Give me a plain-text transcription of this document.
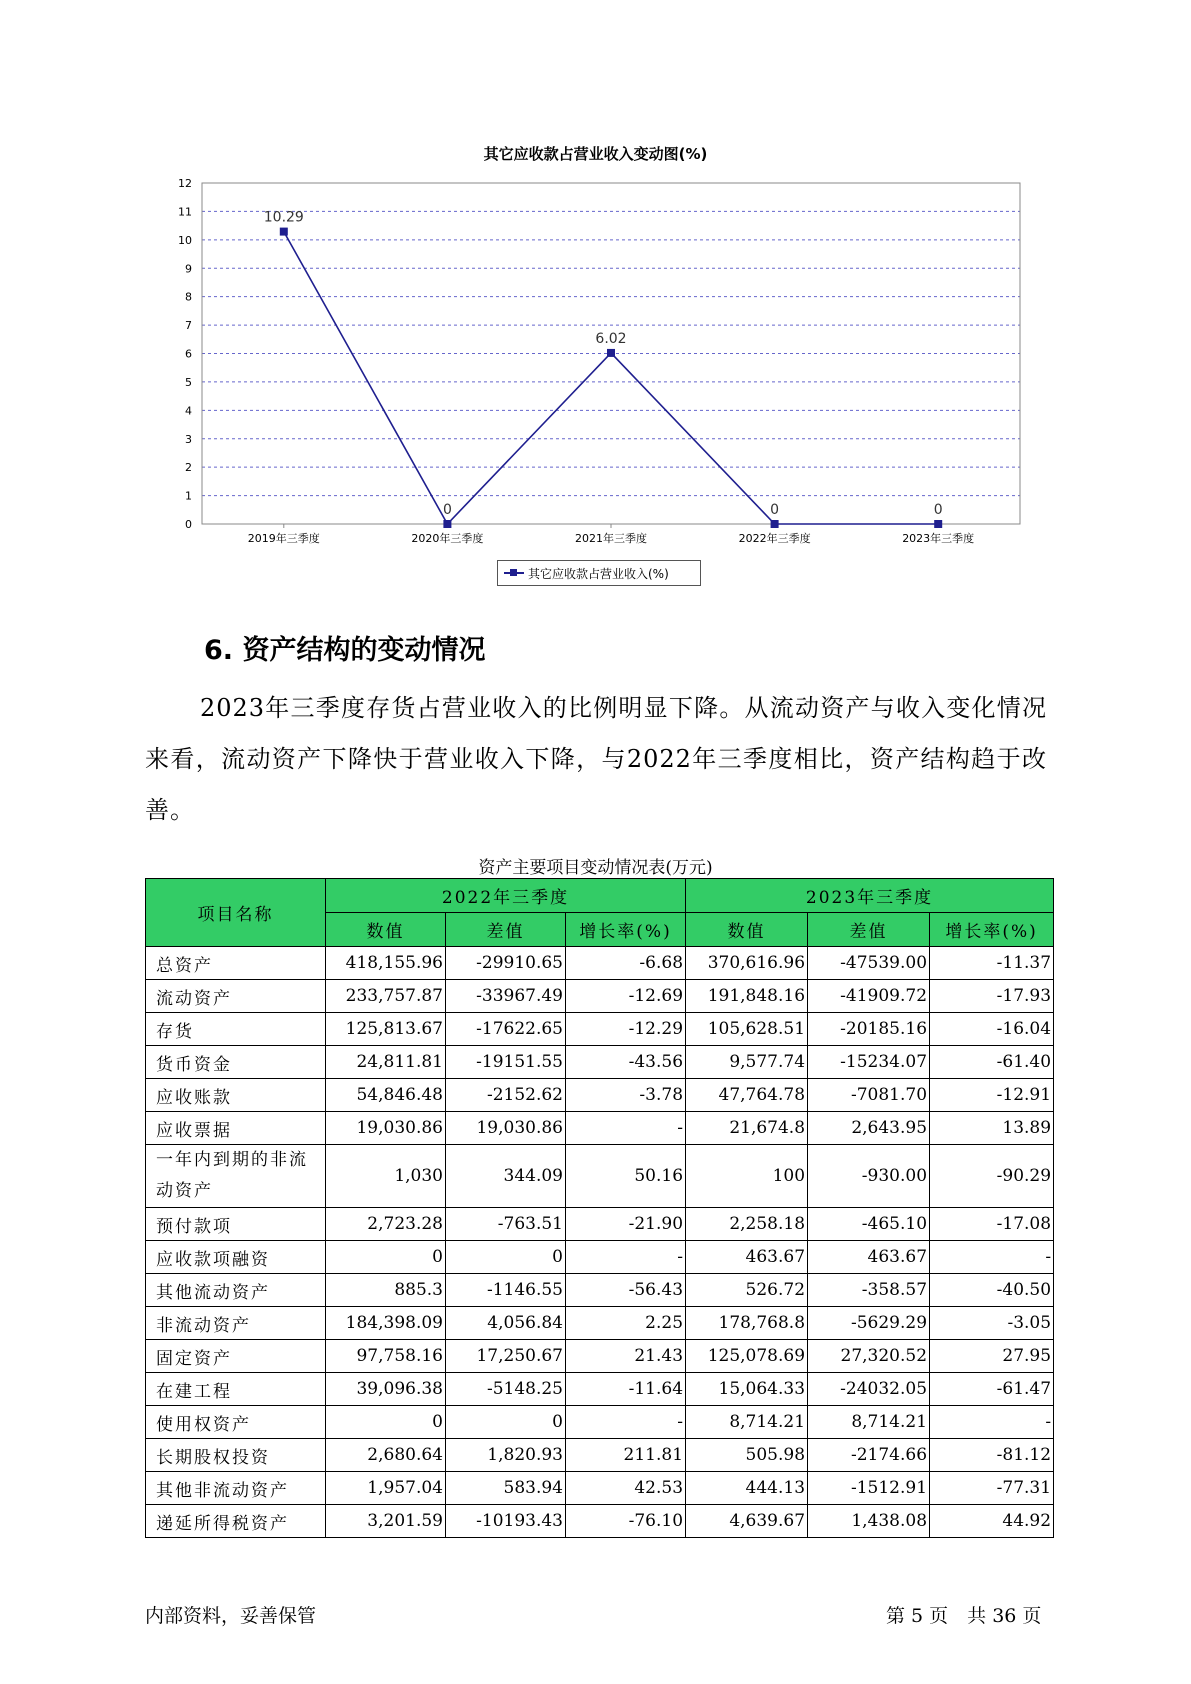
其它应收款占营业收入变动图(%)
0
1
2
3
4
5
6
7
8
9
10
11
12
2019年三季度	2020年三季度	2021年三季度	2022年三季度	2023年三季度
10.29
0
6.02
0	0
其它应收款占营业收入(%)
6. 资产结构的变动情况
2023年三季度存货占营业收入的比例明显下降。从流动资产与收入变化情况来看，流动资产下降快于营业收入下降，与2022年三季度相比，资产结构趋于改善。
资产主要项目变动情况表(万元)
项目名称	2022年三季度			2023年三季度		
	数值	差值	增长率(%)	数值	差值	增长率(%)
总资产	418,155.96	-29910.65	-6.68	370,616.96	-47539.00	-11.37
流动资产	233,757.87	-33967.49	-12.69	191,848.16	-41909.72	-17.93
存货	125,813.67	-17622.65	-12.29	105,628.51	-20185.16	-16.04
货币资金	24,811.81	-19151.55	-43.56	9,577.74	-15234.07	-61.40
应收账款	54,846.48	-2152.62	-3.78	47,764.78	-7081.70	-12.91
应收票据	19,030.86	19,030.86	-	21,674.8	2,643.95	13.89
一年内到期的非流动资产	1,030	344.09	50.16	100	-930.00	-90.29
预付款项	2,723.28	-763.51	-21.90	2,258.18	-465.10	-17.08
应收款项融资	0	0	-	463.67	463.67	-
其他流动资产	885.3	-1146.55	-56.43	526.72	-358.57	-40.50
非流动资产	184,398.09	4,056.84	2.25	178,768.8	-5629.29	-3.05
固定资产	97,758.16	17,250.67	21.43	125,078.69	27,320.52	27.95
在建工程	39,096.38	-5148.25	-11.64	15,064.33	-24032.05	-61.47
使用权资产	0	0	-	8,714.21	8,714.21	-
长期股权投资	2,680.64	1,820.93	211.81	505.98	-2174.66	-81.12
其他非流动资产	1,957.04	583.94	42.53	444.13	-1512.91	-77.31
递延所得税资产	3,201.59	-10193.43	-76.10	4,639.67	1,438.08	44.92
内部资料，妥善保管	第 5 页　共 36 页
